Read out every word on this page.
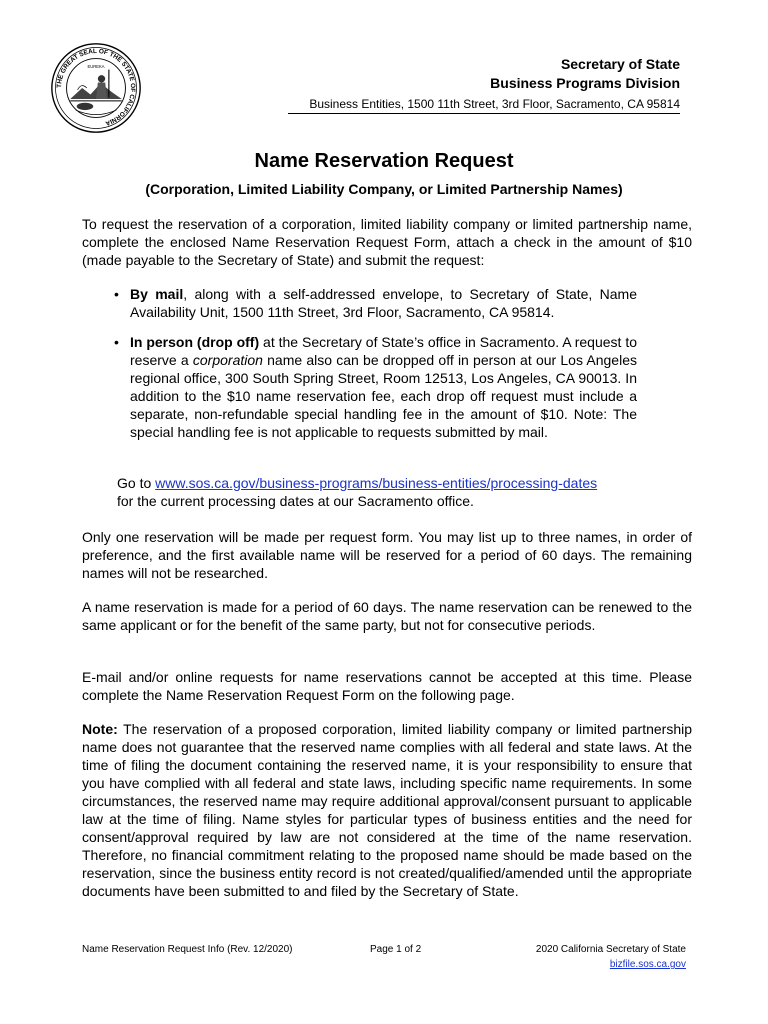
THE GREAT SEAL OF THE STATE OF CALIFORNIA
EUREKA	Secretary of State
Business Programs Division
Business Entities, 1500 11th Street, 3rd Floor, Sacramento, CA 95814
Name Reservation Request
(Corporation, Limited Liability Company, or Limited Partnership Names)

To request the reservation of a corporation, limited liability company or limited partnership name, complete the enclosed Name Reservation Request Form, attach a check in the amount of $10 (made payable to the Secretary of State) and submit the request:

• By mail, along with a self-addressed envelope, to Secretary of State, Name Availability Unit, 1500 11th Street, 3rd Floor, Sacramento, CA 95814.
• In person (drop off) at the Secretary of State’s office in Sacramento. A request to reserve a corporation name also can be dropped off in person at our Los Angeles regional office, 300 South Spring Street, Room 12513, Los Angeles, CA 90013. In addition to the $10 name reservation fee, each drop off request must include a separate, non-refundable special handling fee in the amount of $10. Note: The special handling fee is not applicable to requests submitted by mail.
Go to www.sos.ca.gov/business-programs/business-entities/processing-dates
for the current processing dates at our Sacramento office.

Only one reservation will be made per request form. You may list up to three names, in order of preference, and the first available name will be reserved for a period of 60 days. The remaining names will not be researched.

A name reservation is made for a period of 60 days. The name reservation can be renewed to the same applicant or for the benefit of the same party, but not for consecutive periods.

E-mail and/or online requests for name reservations cannot be accepted at this time. Please complete the Name Reservation Request Form on the following page.

Note: The reservation of a proposed corporation, limited liability company or limited partnership name does not guarantee that the reserved name complies with all federal and state laws. At the time of filing the document containing the reserved name, it is your responsibility to ensure that you have complied with all federal and state laws, including specific name requirements. In some circumstances, the reserved name may require additional approval/consent pursuant to applicable law at the time of filing. Name styles for particular types of business entities and the need for consent/approval required by law are not considered at the time of the name reservation. Therefore, no financial commitment relating to the proposed name should be made based on the reservation, since the business entity record is not created/qualified/amended until the appropriate documents have been submitted to and filed by the Secretary of State.

Name Reservation Request Info (Rev. 12/2020)	Page 1 of 2	2020 California Secretary of State
bizfile.sos.ca.gov
